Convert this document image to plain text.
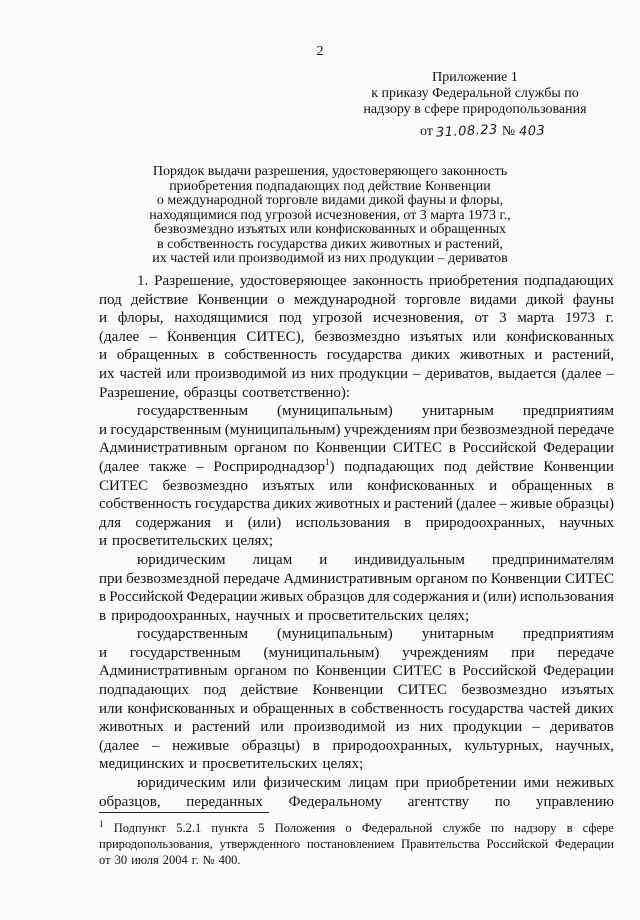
2
Приложение 1
к приказу Федеральной службы по
надзору в сфере природопользования
от 31.08.23 № 403
Порядок выдачи разрешения, удостоверяющего законность
приобретения подпадающих под действие Конвенции
о международной торговле видами дикой фауны и флоры,
находящимися под угрозой исчезновения, от 3 марта 1973 г.,
безвозмездно изъятых или конфискованных и обращенных
в собственность государства диких животных и растений,
их частей или производимой из них продукции – дериватов
1. Разрешение, удостоверяющее законность приобретения подпадающих
под действие Конвенции о международной торговле видами дикой фауны
и флоры, находящимися под угрозой исчезновения, от 3 марта 1973 г.
(далее – Конвенция СИТЕС), безвозмездно изъятых или конфискованных
и обращенных в собственность государства диких животных и растений,
их частей или производимой из них продукции – дериватов, выдается (далее –
Разрешение, образцы соответственно):
государственным (муниципальным) унитарным предприятиям
и государственным (муниципальным) учреждениям при безвозмездной передаче
Административным органом по Конвенции СИТЕС в Российской Федерации
(далее также – Росприроднадзор$^1$) подпадающих под действие Конвенции
СИТЕС безвозмездно изъятых или конфискованных и обращенных в
собственность государства диких животных и растений (далее – живые образцы)
для содержания и (или) использования в природоохранных, научных
и просветительских целях;
юридическим лицам и индивидуальным предпринимателям
при безвозмездной передаче Административным органом по Конвенции СИТЕС
в Российской Федерации живых образцов для содержания и (или) использования
в природоохранных, научных и просветительских целях;
государственным (муниципальным) унитарным предприятиям
и государственным (муниципальным) учреждениям при передаче
Административным органом по Конвенции СИТЕС в Российской Федерации
подпадающих под действие Конвенции СИТЕС безвозмездно изъятых
или конфискованных и обращенных в собственность государства частей диких
животных и растений или производимой из них продукции – дериватов
(далее – неживые образцы) в природоохранных, культурных, научных,
медицинских и просветительских целях;
юридическим или физическим лицам при приобретении ими неживых
образцов, переданных Федеральному агентству по управлению
$^1$ Подпункт 5.2.1 пункта 5 Положения о Федеральной службе по надзору в сфере
природопользования, утвержденного постановлением Правительства Российской Федерации
от 30 июля 2004 г. № 400.
